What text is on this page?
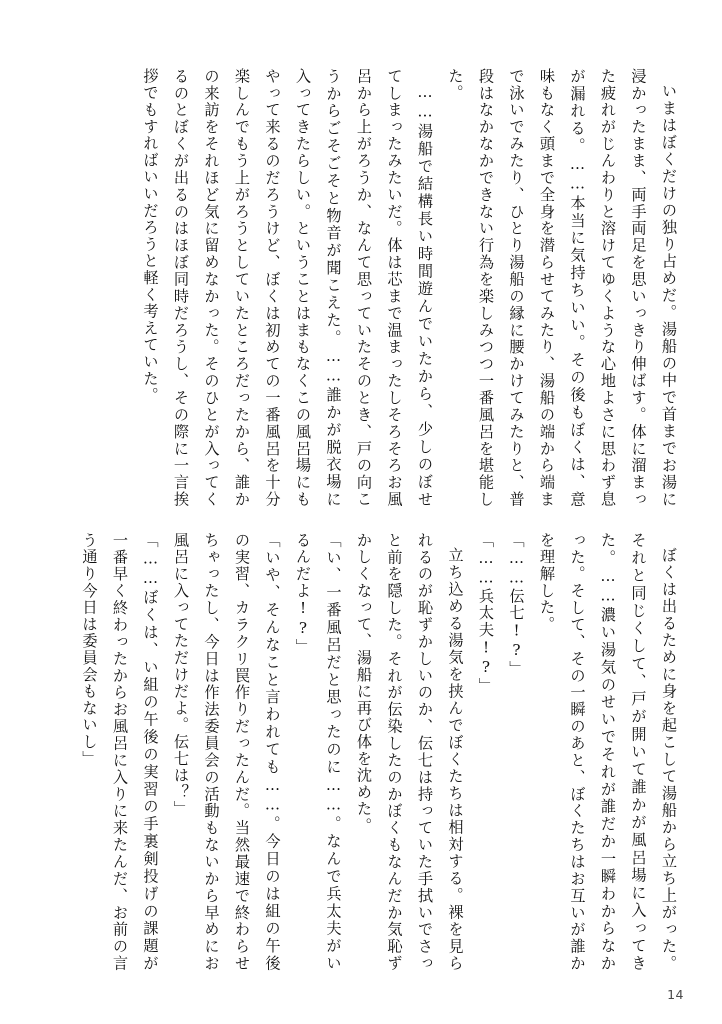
いまはぼくだけの独り占めだ。湯船の中で首までお湯に浸かったまま、両手両足を思いっきり伸ばす。体に溜まった疲れがじんわりと溶けてゆくような心地よさに思わず息が漏れる。……本当に気持ちいい。その後もぼくは、意味もなく頭まで全身を潜らせてみたり、湯船の端から端まで泳いでみたり、ひとり湯船の縁に腰かけてみたりと、普段はなかなかできない行為を楽しみつつ一番風呂を堪能した。

……湯船で結構長い時間遊んでいたから、少しのぼせてしまったみたいだ。体は芯まで温まったしそろそろお風呂から上がろうか、なんて思っていたそのとき、戸の向こうからごそごそと物音が聞こえた。……誰かが脱衣場に入ってきたらしい。ということはまもなくこの風呂場にもやって来るのだろうけど、ぼくは初めての一番風呂を十分楽しんでもう上がろうとしていたところだったから、誰かの来訪をそれほど気に留めなかった。そのひとが入ってくるのとぼくが出るのはほぼ同時だろうし、その際に一言挨拶でもすればいいだろうと軽く考えていた。

ぼくは出るために身を起こして湯船から立ち上がった。それと同じくして、戸が開いて誰かが風呂場に入ってきた。……濃い湯気のせいでそれが誰だか一瞬わからなかった。そして、その一瞬のあと、ぼくたちはお互いが誰かを理解した。

「……伝七!?」

「……兵太夫!?」

立ち込める湯気を挟んでぼくたちは相対する。裸を見られるのが恥ずかしいのか、伝七は持っていた手拭いでさっと前を隠した。それが伝染したのかぼくもなんだか気恥ずかしくなって、湯船に再び体を沈めた。

「い、一番風呂だと思ったのに……。なんで兵太夫がいるんだよ!?」

「いや、そんなこと言われても……。今日のは組の午後の実習、カラクリ罠作りだったんだ。当然最速で終わらせちゃったし、今日は作法委員会の活動もないから早めにお風呂に入ってただけだよ。伝七は？」

「……ぼくは、い組の午後の実習の手裏剣投げの課題が一番早く終わったからお風呂に入りに来たんだ、お前の言う通り今日は委員会もないし」

14
